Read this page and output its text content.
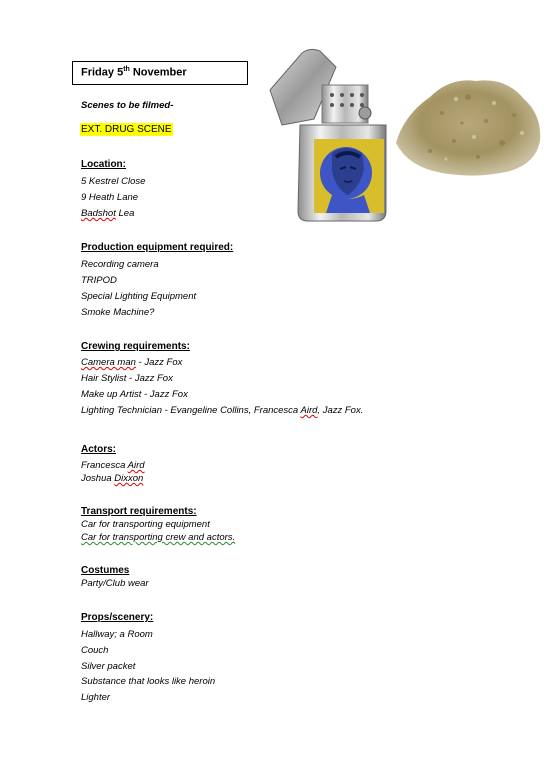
Friday 5th November
Scenes to be filmed-
EXT. DRUG SCENE
Location:
5 Kestrel Close
9 Heath Lane
Badshot Lea
Production equipment required:
Recording camera
TRIPOD
Special Lighting Equipment
Smoke Machine?
Crewing requirements:
Camera man - Jazz Fox
Hair Stylist - Jazz Fox
Make up Artist - Jazz Fox
Lighting Technician - Evangeline Collins, Francesca Aird, Jazz Fox.
Actors:
Francesca Aird
Joshua Dixxon
Transport requirements:
Car for transporting equipment
Car for transporting crew and actors.
Costumes
Party/Club wear
Props/scenery:
Hallway; a Room
Couch
Silver packet
Substance that looks like heroin
Lighter
